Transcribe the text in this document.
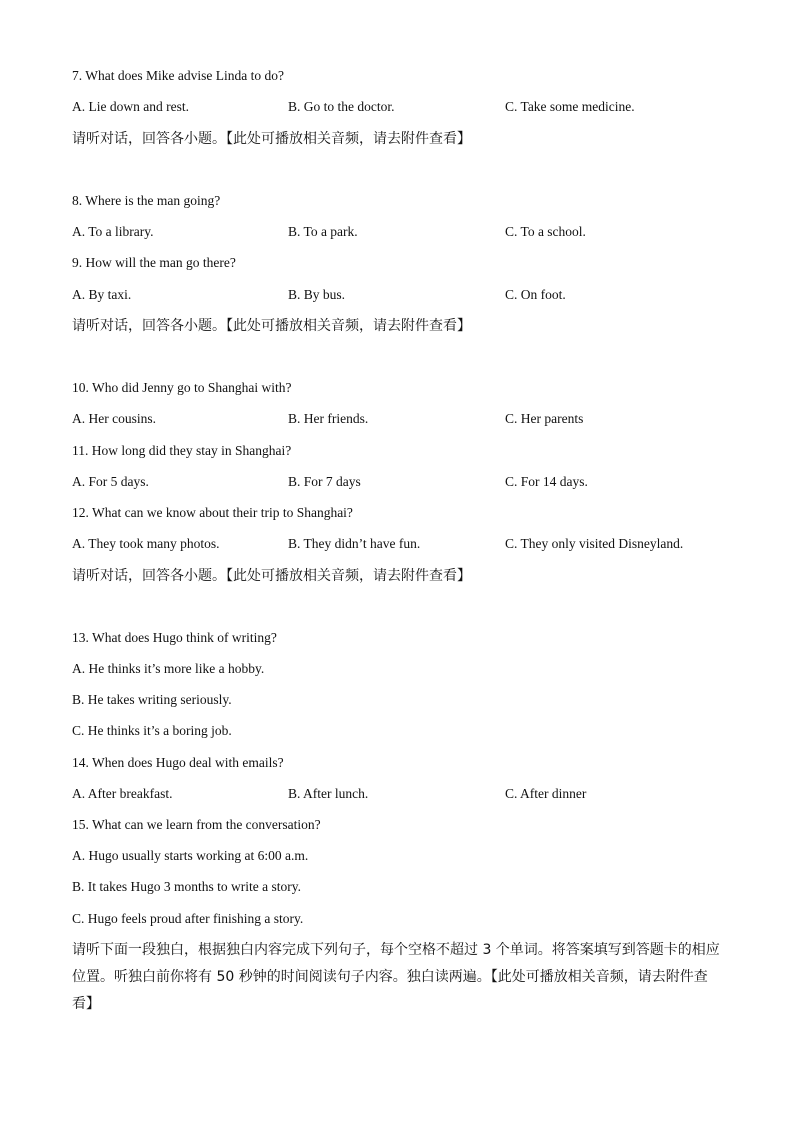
7. What does Mike advise Linda to do?
A. Lie down and rest.	B. Go to the doctor.	C. Take some medicine.
请听对话，回答各小题。【此处可播放相关音频，请去附件查看】
8. Where is the man going?
A. To a library.	B. To a park.	C. To a school.
9. How will the man go there?
A. By taxi.	B. By bus.	C. On foot.
请听对话，回答各小题。【此处可播放相关音频，请去附件查看】
10. Who did Jenny go to Shanghai with?
A. Her cousins.	B. Her friends.	C. Her parents
11. How long did they stay in Shanghai?
A. For 5 days.	B. For 7 days	C. For 14 days.
12. What can we know about their trip to Shanghai?
A. They took many photos.	B. They didn’t have fun.	C. They only visited Disneyland.
请听对话，回答各小题。【此处可播放相关音频，请去附件查看】
13. What does Hugo think of writing?
A. He thinks it’s more like a hobby.
B. He takes writing seriously.
C. He thinks it’s a boring job.
14. When does Hugo deal with emails?
A. After breakfast.	B. After lunch.	C. After dinner
15. What can we learn from the conversation?
A. Hugo usually starts working at 6:00 a.m.
B. It takes Hugo 3 months to write a story.
C. Hugo feels proud after finishing a story.
请听下面一段独白，根据独白内容完成下列句子，每个空格不超过 3 个单词。将答案填写到答题卡的相应位置。听独白前你将有 50 秒钟的时间阅读句子内容。独白读两遍。【此处可播放相关音频，请去附件查看】
